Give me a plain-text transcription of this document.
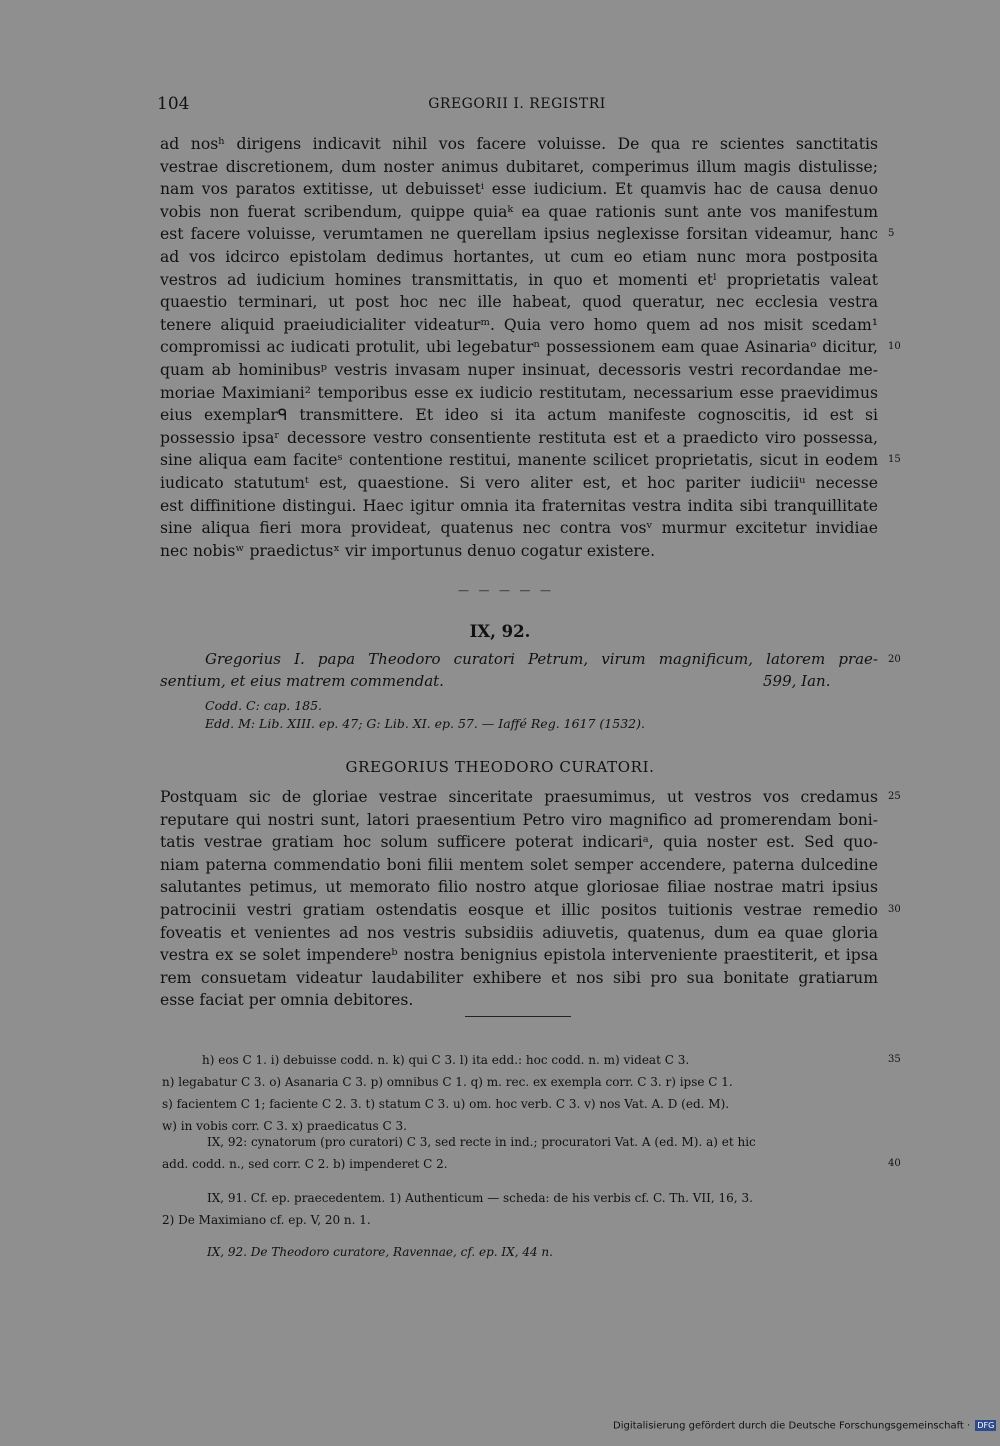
104	GREGORII I. REGISTRI
ad nosʰ dirigens indicavit nihil vos facere voluisse. De qua re scientes sanctitatis
vestrae discretionem, dum noster animus dubitaret, comperimus illum magis distulisse;
nam vos paratos extitisse, ut debuissetⁱ esse iudicium. Et quamvis hac de causa denuo
vobis non fuerat scribendum, quippe quiaᵏ ea quae rationis sunt ante vos manifestum
est facere voluisse, verumtamen ne querellam ipsius neglexisse forsitan videamur, hanc
ad vos idcirco epistolam dedimus hortantes, ut cum eo etiam nunc mora postposita
vestros ad iudicium homines transmittatis, in quo et momenti etˡ proprietatis valeat
quaestio terminari, ut post hoc nec ille habeat, quod queratur, nec ecclesia vestra
tenere aliquid praeiudicialiter videaturᵐ. Quia vero homo quem ad nos misit scedam¹
compromissi ac iudicati protulit, ubi legebaturⁿ possessionem eam quae Asinariaᵒ dicitur,
quam ab hominibusᵖ vestris invasam nuper insinuat, decessoris vestri recordandae me-
moriae Maximiani² temporibus esse ex iudicio restitutam, necessarium esse praevidimus
eius exemplarᑫ transmittere. Et ideo si ita actum manifeste cognoscitis, id est si
possessio ipsaʳ decessore vestro consentiente restituta est et a praedicto viro possessa,
sine aliqua eam faciteˢ contentione restitui, manente scilicet proprietatis, sicut in eodem
iudicato statutumᵗ est, quaestione. Si vero aliter est, et hoc pariter iudiciiᵘ necesse
est diffinitione distingui. Haec igitur omnia ita fraternitas vestra indita sibi tranquillitate
sine aliqua fieri mora provideat, quatenus nec contra vosᵛ murmur excitetur invidiae
nec nobisʷ praedictusˣ vir importunus denuo cogatur existere.
5
10
15
— — — — —
IX, 92.
Gregorius I. papa Theodoro curatori Petrum, virum magnificum, latorem prae-
sentium, et eius matrem commendat.	599, Ian.
20
Codd. C: cap. 185.
Edd. M: Lib. XIII. ep. 47; G: Lib. XI. ep. 57. — Iaffé Reg. 1617 (1532).
GREGORIUS THEODORO CURATORI.
Postquam sic de gloriae vestrae sinceritate praesumimus, ut vestros vos credamus
reputare qui nostri sunt, latori praesentium Petro viro magnifico ad promerendam boni-
tatis vestrae gratiam hoc solum sufficere poterat indicariᵃ, quia noster est. Sed quo-
niam paterna commendatio boni filii mentem solet semper accendere, paterna dulcedine
salutantes petimus, ut memorato filio nostro atque gloriosae filiae nostrae matri ipsius
patrocinii vestri gratiam ostendatis eosque et illic positos tuitionis vestrae remedio
foveatis et venientes ad nos vestris subsidiis adiuvetis, quatenus, dum ea quae gloria
vestra ex se solet impendereᵇ nostra benignius epistola interveniente praestiterit, et ipsa
rem consuetam videatur laudabiliter exhibere et nos sibi pro sua bonitate gratiarum
esse faciat per omnia debitores.
25
30
h) eos C 1. i) debuisse codd. n. k) qui C 3. l) ita edd.: hoc codd. n. m) videat C 3.
n) legabatur C 3. o) Asanaria C 3. p) omnibus C 1. q) m. rec. ex exempla corr. C 3. r) ipse C 1.
s) facientem C 1; faciente C 2. 3. t) statum C 3. u) om. hoc verb. C 3. v) nos Vat. A. D (ed. M).
w) in vobis corr. C 3. x) praedicatus C 3.
35
IX, 92: cynatorum (pro curatori) C 3, sed recte in ind.; procuratori Vat. A (ed. M). a) et hic
add. codd. n., sed corr. C 2. b) impenderet C 2.	40
IX, 91. Cf. ep. praecedentem. 1) Authenticum — scheda: de his verbis cf. C. Th. VII, 16, 3.
2) De Maximiano cf. ep. V, 20 n. 1.
IX, 92. De Theodoro curatore, Ravennae, cf. ep. IX, 44 n.
Digitalisierung gefördert durch die Deutsche Forschungsgemeinschaft · DFG
